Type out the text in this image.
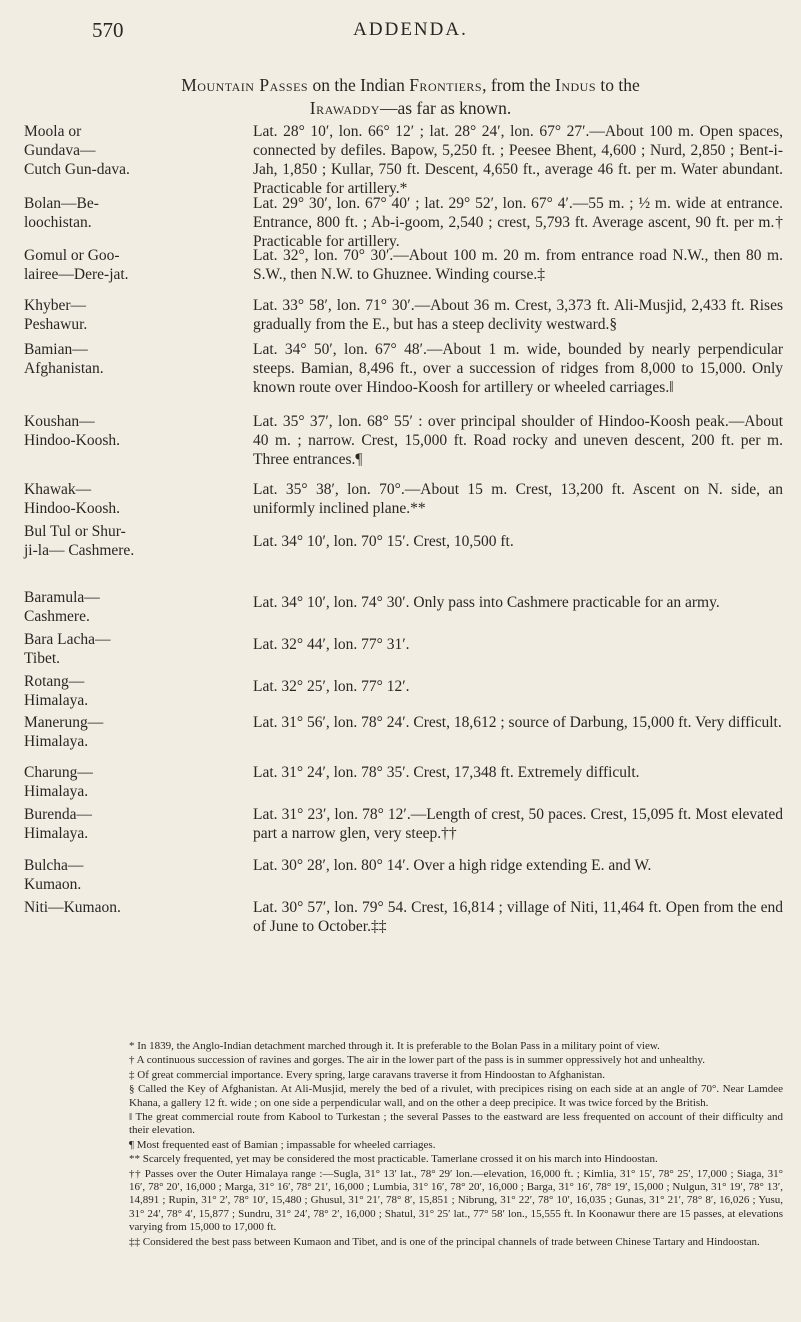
570	ADDENDA.
Mountain Passes on the Indian Frontiers, from the Indus to the
Irawaddy—as far as known.
Moola or Gundava— Cutch Gun-dava.
Lat. 28° 10′, lon. 66° 12′ ; lat. 28° 24′, lon. 67° 27′.—About 100 m. Open spaces, connected by defiles. Bapow, 5,250 ft. ; Peesee Bhent, 4,600 ; Nurd, 2,850 ; Bent-i-Jah, 1,850 ; Kullar, 750 ft. Descent, 4,650 ft., average 46 ft. per m. Water abundant. Practicable for artillery.*
Bolan—Be-loochistan.
Lat. 29° 30′, lon. 67° 40′ ; lat. 29° 52′, lon. 67° 4′.—55 m. ; ½ m. wide at entrance. Entrance, 800 ft. ; Ab-i-goom, 2,540 ; crest, 5,793 ft. Average ascent, 90 ft. per m.† Practicable for artillery.
Gomul or Goo-lairee—Dere-jat.
Lat. 32°, lon. 70° 30′.—About 100 m. 20 m. from entrance road N.W., then 80 m. S.W., then N.W. to Ghuznee. Winding course.‡
Khyber— Peshawur.
Lat. 33° 58′, lon. 71° 30′.—About 36 m. Crest, 3,373 ft. Ali-Musjid, 2,433 ft. Rises gradually from the E., but has a steep declivity westward.§
Bamian— Afghanistan.
Lat. 34° 50′, lon. 67° 48′.—About 1 m. wide, bounded by nearly perpendicular steeps. Bamian, 8,496 ft., over a succession of ridges from 8,000 to 15,000. Only known route over Hindoo-Koosh for artillery or wheeled carriages.‖
Koushan— Hindoo-Koosh.
Lat. 35° 37′, lon. 68° 55′ : over principal shoulder of Hindoo-Koosh peak.—About 40 m. ; narrow. Crest, 15,000 ft. Road rocky and uneven descent, 200 ft. per m. Three entrances.¶
Khawak— Hindoo-Koosh.
Lat. 35° 38′, lon. 70°.—About 15 m. Crest, 13,200 ft. Ascent on N. side, an uniformly inclined plane.**
Bul Tul or Shur-ji-la— Cashmere.
Lat. 34° 10′, lon. 70° 15′. Crest, 10,500 ft.
Baramula— Cashmere.
Lat. 34° 10′, lon. 74° 30′. Only pass into Cashmere practicable for an army.
Bara Lacha— Tibet.
Lat. 32° 44′, lon. 77° 31′.
Rotang— Himalaya.
Lat. 32° 25′, lon. 77° 12′.
Manerung— Himalaya.
Lat. 31° 56′, lon. 78° 24′. Crest, 18,612 ; source of Darbung, 15,000 ft. Very difficult.
Charung— Himalaya.
Lat. 31° 24′, lon. 78° 35′. Crest, 17,348 ft. Extremely difficult.
Burenda— Himalaya.
Lat. 31° 23′, lon. 78° 12′.—Length of crest, 50 paces. Crest, 15,095 ft. Most elevated part a narrow glen, very steep.††
Bulcha— Kumaon.
Lat. 30° 28′, lon. 80° 14′. Over a high ridge extending E. and W.
Niti—Kumaon.	Lat. 30° 57′, lon. 79° 54. Crest, 16,814 ; village of Niti, 11,464 ft. Open from the end of June to October.‡‡

* In 1839, the Anglo-Indian detachment marched through it. It is preferable to the Bolan Pass in a military point of view.

† A continuous succession of ravines and gorges. The air in the lower part of the pass is in summer oppressively hot and unhealthy.

‡ Of great commercial importance. Every spring, large caravans traverse it from Hindoostan to Afghanistan.

§ Called the Key of Afghanistan. At Ali-Musjid, merely the bed of a rivulet, with precipices rising on each side at an angle of 70°. Near Lamdee Khana, a gallery 12 ft. wide ; on one side a perpendicular wall, and on the other a deep precipice. It was twice forced by the British.

‖ The great commercial route from Kabool to Turkestan ; the several Passes to the eastward are less frequented on account of their difficulty and their elevation.

¶ Most frequented east of Bamian ; impassable for wheeled carriages.

** Scarcely frequented, yet may be considered the most practicable. Tamerlane crossed it on his march into Hindoostan.

†† Passes over the Outer Himalaya range :—Sugla, 31° 13′ lat., 78° 29′ lon.—elevation, 16,000 ft. ; Kimlia, 31° 15′, 78° 25′, 17,000 ; Siaga, 31° 16′, 78° 20′, 16,000 ; Marga, 31° 16′, 78° 21′, 16,000 ; Lumbia, 31° 16′, 78° 20′, 16,000 ; Barga, 31° 16′, 78° 19′, 15,000 ; Nulgun, 31° 19′, 78° 13′, 14,891 ; Rupin, 31° 2′, 78° 10′, 15,480 ; Ghusul, 31° 21′, 78° 8′, 15,851 ; Nibrung, 31° 22′, 78° 10′, 16,035 ; Gunas, 31° 21′, 78° 8′, 16,026 ; Yusu, 31° 24′, 78° 4′, 15,877 ; Sundru, 31° 24′, 78° 2′, 16,000 ; Shatul, 31° 25′ lat., 77° 58′ lon., 15,555 ft. In Koonawur there are 15 passes, at elevations varying from 15,000 to 17,000 ft.

‡‡ Considered the best pass between Kumaon and Tibet, and is one of the principal channels of trade between Chinese Tartary and Hindoostan.
